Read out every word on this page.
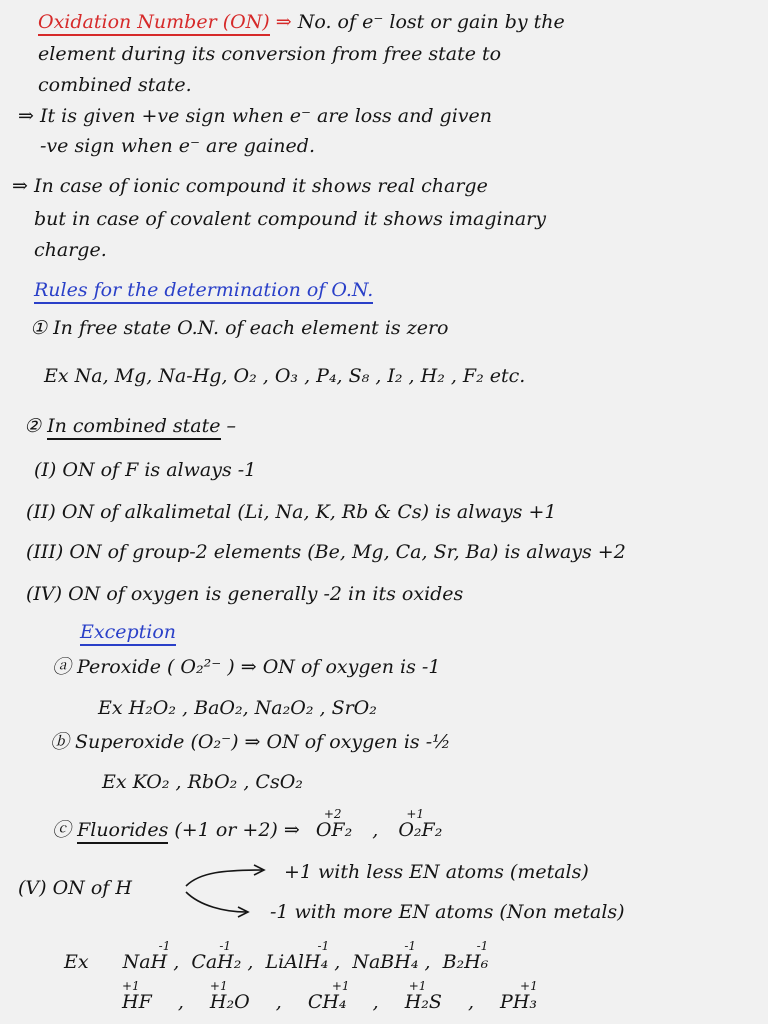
Oxidation Number (ON) ⇒ No. of e⁻ lost or gain by the
element during its conversion from free state to
combined state.
⇒ It is given +ve sign when e⁻ are loss and given
-ve sign when e⁻ are gained.
⇒ In case of ionic compound it shows real charge
but in case of covalent compound it shows imaginary
charge.
Rules for the determination of O.N.
① In free state O.N. of each element is zero
Ex Na, Mg, Na-Hg, O₂ , O₃ , P₄, S₈ , I₂ , H₂ , F₂ etc.
② In combined state –
(I) ON of F is always -1
(II) ON of alkalimetal (Li, Na, K, Rb & Cs) is always +1
(III) ON of group-2 elements (Be, Mg, Ca, Sr, Ba) is always +2
(IV) ON of oxygen is generally -2 in its oxides
Exception
ⓐ Peroxide ( O₂²⁻ ) ⇒ ON of oxygen is -1
Ex H₂O₂ , BaO₂, Na₂O₂ , SrO₂
ⓑ Superoxide (O₂⁻) ⇒ ON of oxygen is -½
Ex KO₂ , RbO₂ , CsO₂
ⓒ Fluorides (+1 or +2) ⇒
+2
OF₂ ,
+1
O₂F₂
(V) ON of H
+1 with less EN atoms (metals)
-1 with more EN atoms (Non metals)
Ex
-1
NaH ,
-1
CaH₂ ,
-1
LiAlH₄ ,
-1
NaBH₄ ,
-1
B₂H₆
+1
HF ,
+1
H₂O ,
+1
CH₄ ,
+1
H₂S ,
+1
PH₃
